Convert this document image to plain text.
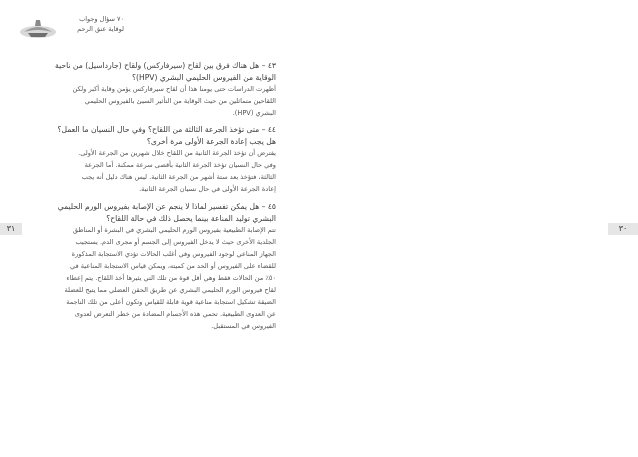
٧٠ سؤال وجواب
لوقاية عنق الرحم
٣١	٣٠
٤٣ – هل هناك فرق بين لقاح (سيرفاركس) ولقاح (جارداسيل) من ناحية
الوقاية من الفيروس الحليمي البشري (HPV)؟
أظهرت الدراسات حتى يومنا هذا أن لقاح سيرفاركس يؤمن وقاية أكبر ولكن
اللقاحين متماثلين من حيث الوقاية من التأثير السيئ بالفيروس الحليمي
البشري (HPV).
٤٤ – متى تؤخذ الجرعة الثالثة من اللقاح؟ وفي حال النسيان ما العمل؟
هل يجب إعادة الجرعة الأولى مرة أخرى؟
يفترض أن تؤخذ الجرعة الثانية من اللقاح خلال شهرين من الجرعة الأولى.
وفي حال النسيان تؤخذ الجرعة الثانية بأقصى سرعة ممكنة. أما الجرعة
الثالثة، فتؤخذ بعد ستة أشهر من الجرعة الثانية. ليس هناك دليل أنه يجب
إعادة الجرعة الأولى في حال نسيان الجرعة الثانية.
٤٥ – هل يمكن تفسير لماذا لا ينجم عن الإصابة بفيروس الورم الحليمي
البشري توليد المناعة بينما يحصل ذلك في حالة اللقاح؟
تتم الإصابة الطبيعية بفيروس الورم الحليمي البشري في البشرة أو المناطق
الجلدية الأخرى حيث لا يدخل الفيروس إلى الجسم أو مجرى الدم. يستجيب
الجهاز المناعي لوجود الفيروس وفي أغلب الحالات تؤدي الاستجابة المذكورة
للقضاء على الفيروس أو الحد من كميته، ويمكن قياس الاستجابة المناعية في
٥٠٪ من الحالات فقط وهي أقل قوة من تلك التي يثيرها أخذ اللقاح. يتم إعطاء
لقاح فيروس الورم الحليمي البشري عن طريق الحقن العضلي مما يتيح للعضلة
الضيقة تشكيل استجابة مناعية قوية قابلة للقياس وتكون أعلى من تلك الناجمة
عن العدوى الطبيعية. تحمي هذه الأجسام المضادة من خطر التعرض لعدوى
الفيروس في المستقبل.
